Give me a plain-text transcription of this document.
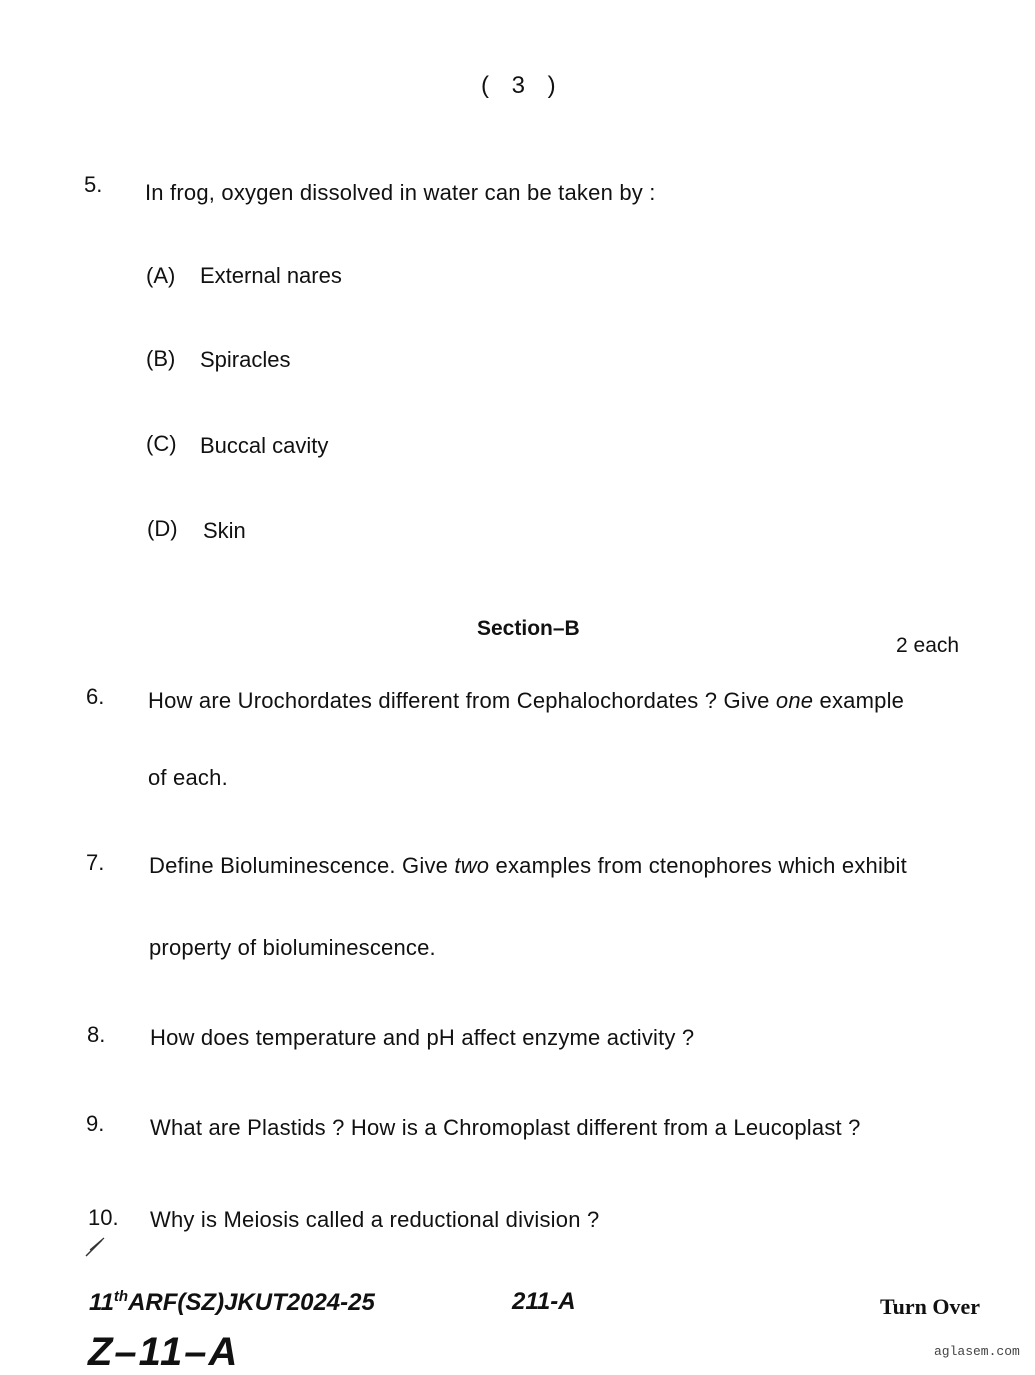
( 3 )
5. In frog, oxygen dissolved in water can be taken by :
(A) External nares
(B) Spiracles
(C) Buccal cavity
(D) Skin
Section–B
2 each
6. How are Urochordates different from Cephalochordates ? Give one example
of each.
7. Define Bioluminescence. Give two examples from ctenophores which exhibit
property of bioluminescence.
8. How does temperature and pH affect enzyme activity ?
9. What are Plastids ? How is a Chromoplast different from a Leucoplast ?
10. Why is Meiosis called a reductional division ?
11thARF(SZ)JKUT2024-25	211-A	Turn Over
Z–11–A	aglasem.com
